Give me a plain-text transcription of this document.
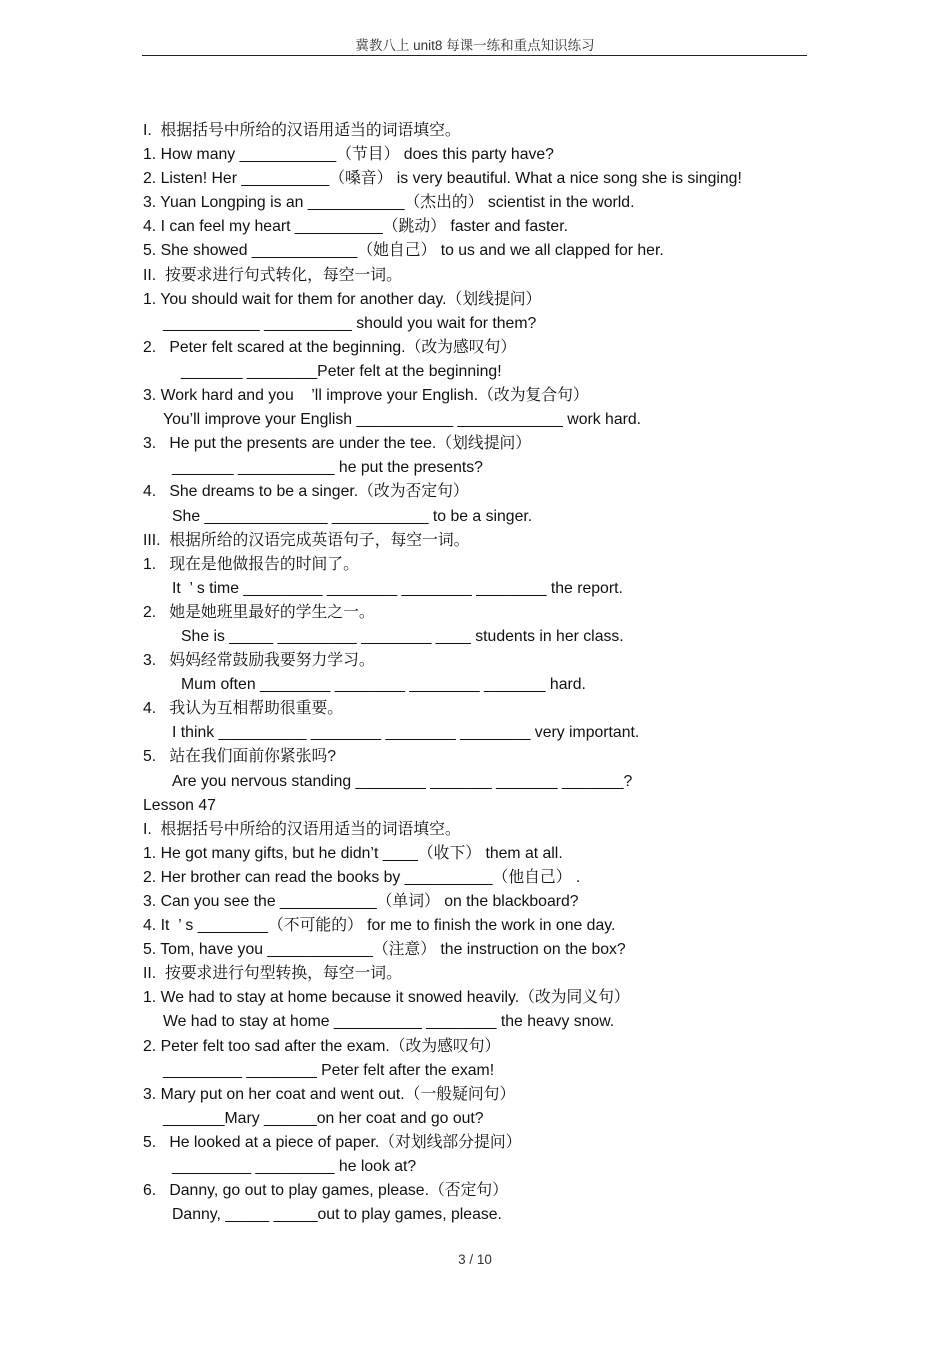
冀教八上 unit8 每课一练和重点知识练习
I.  根据括号中所给的汉语用适当的词语填空。
1. How many ___________（节目） does this party have?
2. Listen! Her __________（嗓音） is very beautiful. What a nice song she is singing!
3. Yuan Longping is an ___________（杰出的） scientist in the world.
4. I can feel my heart __________（跳动） faster and faster.
5. She showed ____________（她自己） to us and we all clapped for her.
II.  按要求进行句式转化，每空一词。
1. You should wait for them for another day.（划线提问）
___________ __________ should you wait for them?
2.   Peter felt scared at the beginning.（改为感叹句）
_______ ________Peter felt at the beginning!
3. Work hard and you    ’ll improve your English.（改为复合句）
You’ll improve your English ___________ ____________ work hard.
3.   He put the presents are under the tee.（划线提问）
_______ ___________ he put the presents?
4.   She dreams to be a singer.（改为否定句）
She ______________ ___________ to be a singer.
III.  根据所给的汉语完成英语句子，每空一词。
1.   现在是他做报告的时间了。
It  ’ s time _________ ________ ________ ________ the report.
2.   她是她班里最好的学生之一。
She is _____ _________ ________ ____ students in her class.
3.   妈妈经常鼓励我要努力学习。
Mum often ________ ________ ________ _______ hard.
4.   我认为互相帮助很重要。
I think __________ ________ ________ ________ very important.
5.   站在我们面前你紧张吗?
Are you nervous standing ________ _______ _______ _______?
Lesson 47
I.  根据括号中所给的汉语用适当的词语填空。
1. He got many gifts, but he didn’t ____（收下） them at all.
2. Her brother can read the books by __________（他自己） .
3. Can you see the ___________（单词） on the blackboard?
4. It  ’ s ________（不可能的） for me to finish the work in one day.
5. Tom, have you ____________（注意） the instruction on the box?
II.  按要求进行句型转换，每空一词。
1. We had to stay at home because it snowed heavily.（改为同义句）
We had to stay at home __________ ________ the heavy snow.
2. Peter felt too sad after the exam.（改为感叹句）
_________ ________ Peter felt after the exam!
3. Mary put on her coat and went out.（一般疑问句）
_______Mary ______on her coat and go out?
5.   He looked at a piece of paper.（对划线部分提问）
_________ _________ he look at?
6.   Danny, go out to play games, please.（否定句）
Danny, _____ _____out to play games, please.
3 / 10
